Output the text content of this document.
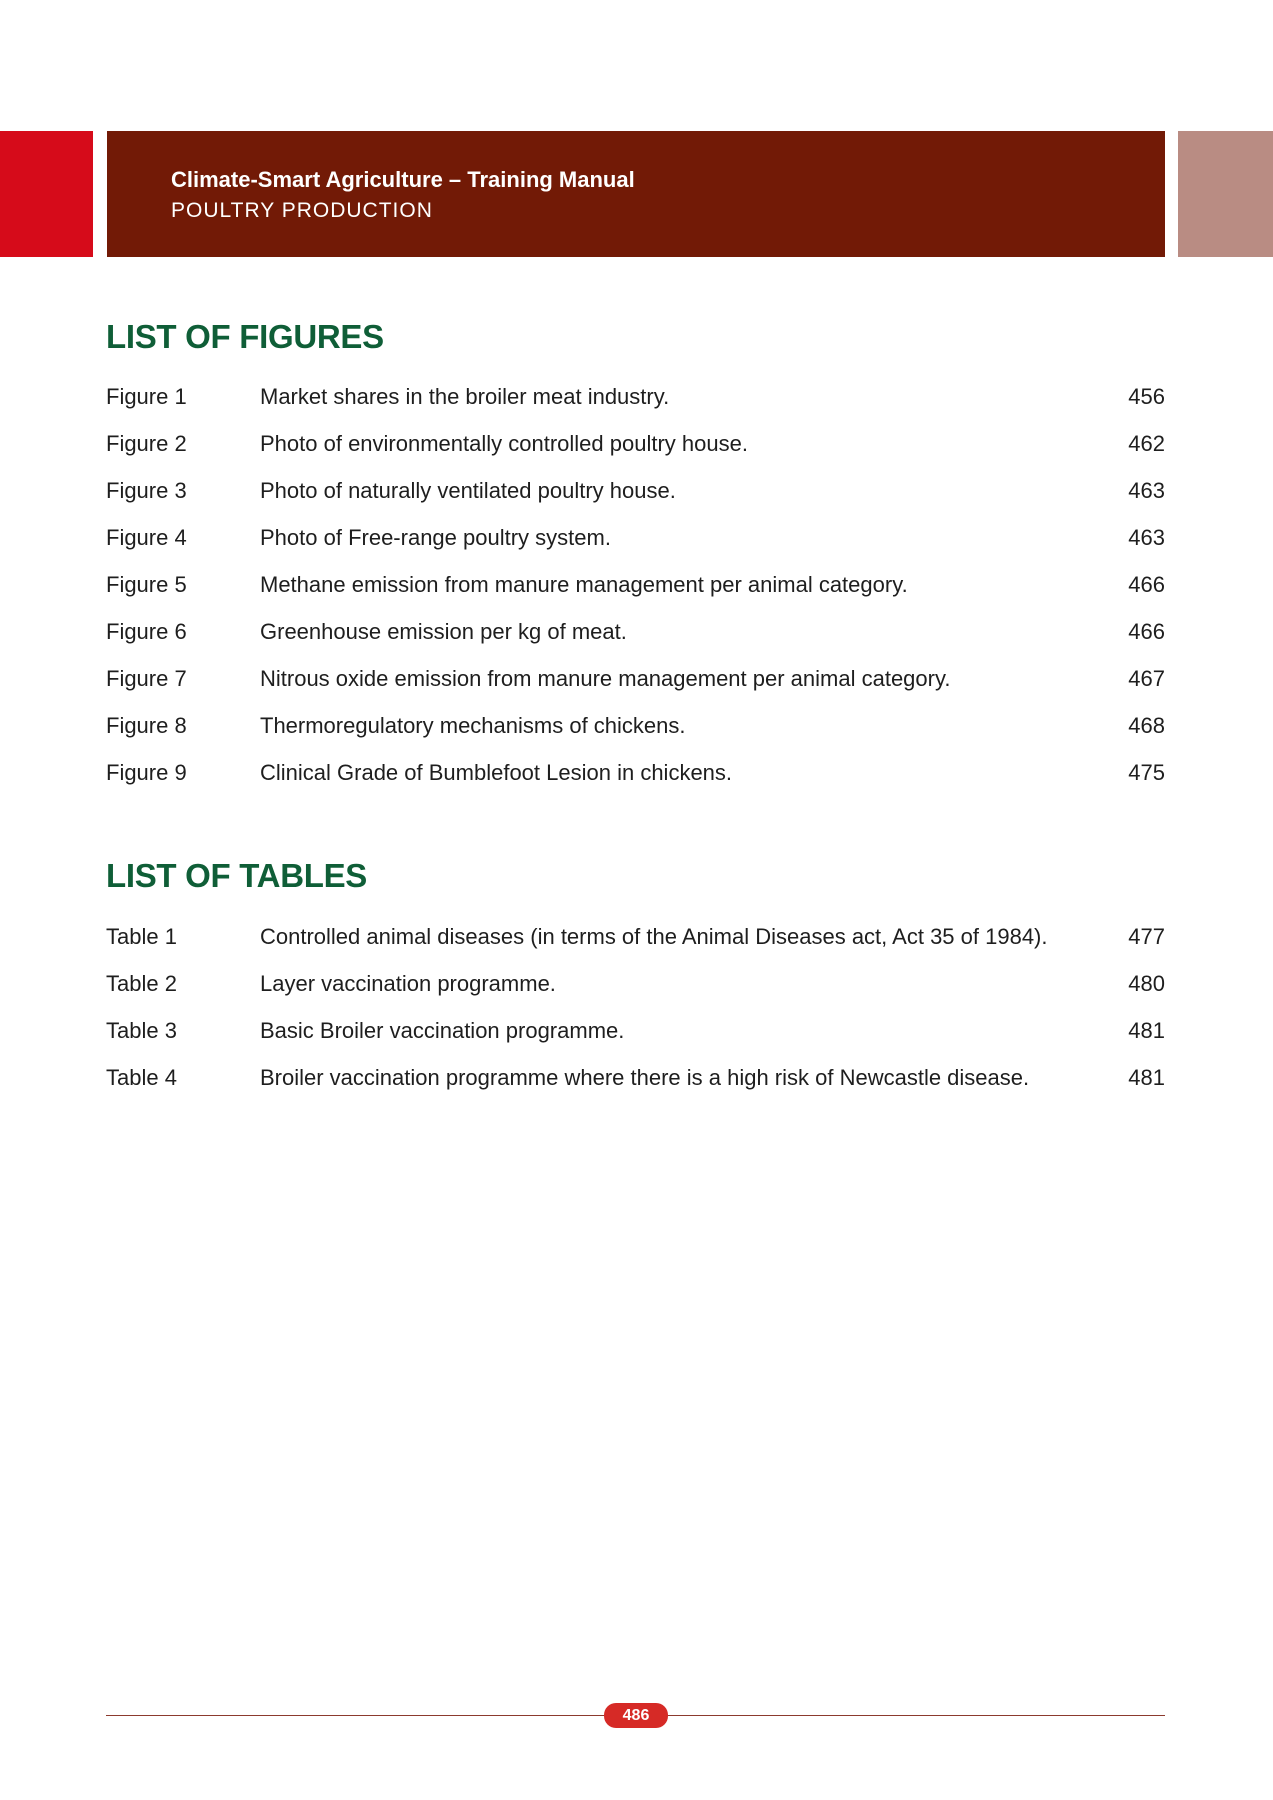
Climate-Smart Agriculture – Training Manual
POULTRY PRODUCTION
LIST OF FIGURES
Figure 1	Market shares in the broiler meat industry.	456
Figure 2	Photo of environmentally controlled poultry house.	462
Figure 3	Photo of naturally ventilated poultry house.	463
Figure 4	Photo of Free-range poultry system.	463
Figure 5	Methane emission from manure management per animal category.	466
Figure 6	Greenhouse emission per kg of meat.	466
Figure 7	Nitrous oxide emission from manure management per animal category.	467
Figure 8	Thermoregulatory mechanisms of chickens.	468
Figure 9	Clinical Grade of Bumblefoot Lesion in chickens.	475
LIST OF TABLES
Table 1	Controlled animal diseases (in terms of the Animal Diseases act, Act 35 of 1984).	477
Table 2	Layer vaccination programme.	480
Table 3	Basic Broiler vaccination programme.	481
Table 4	Broiler vaccination programme where there is a high risk of Newcastle disease.	481
486
